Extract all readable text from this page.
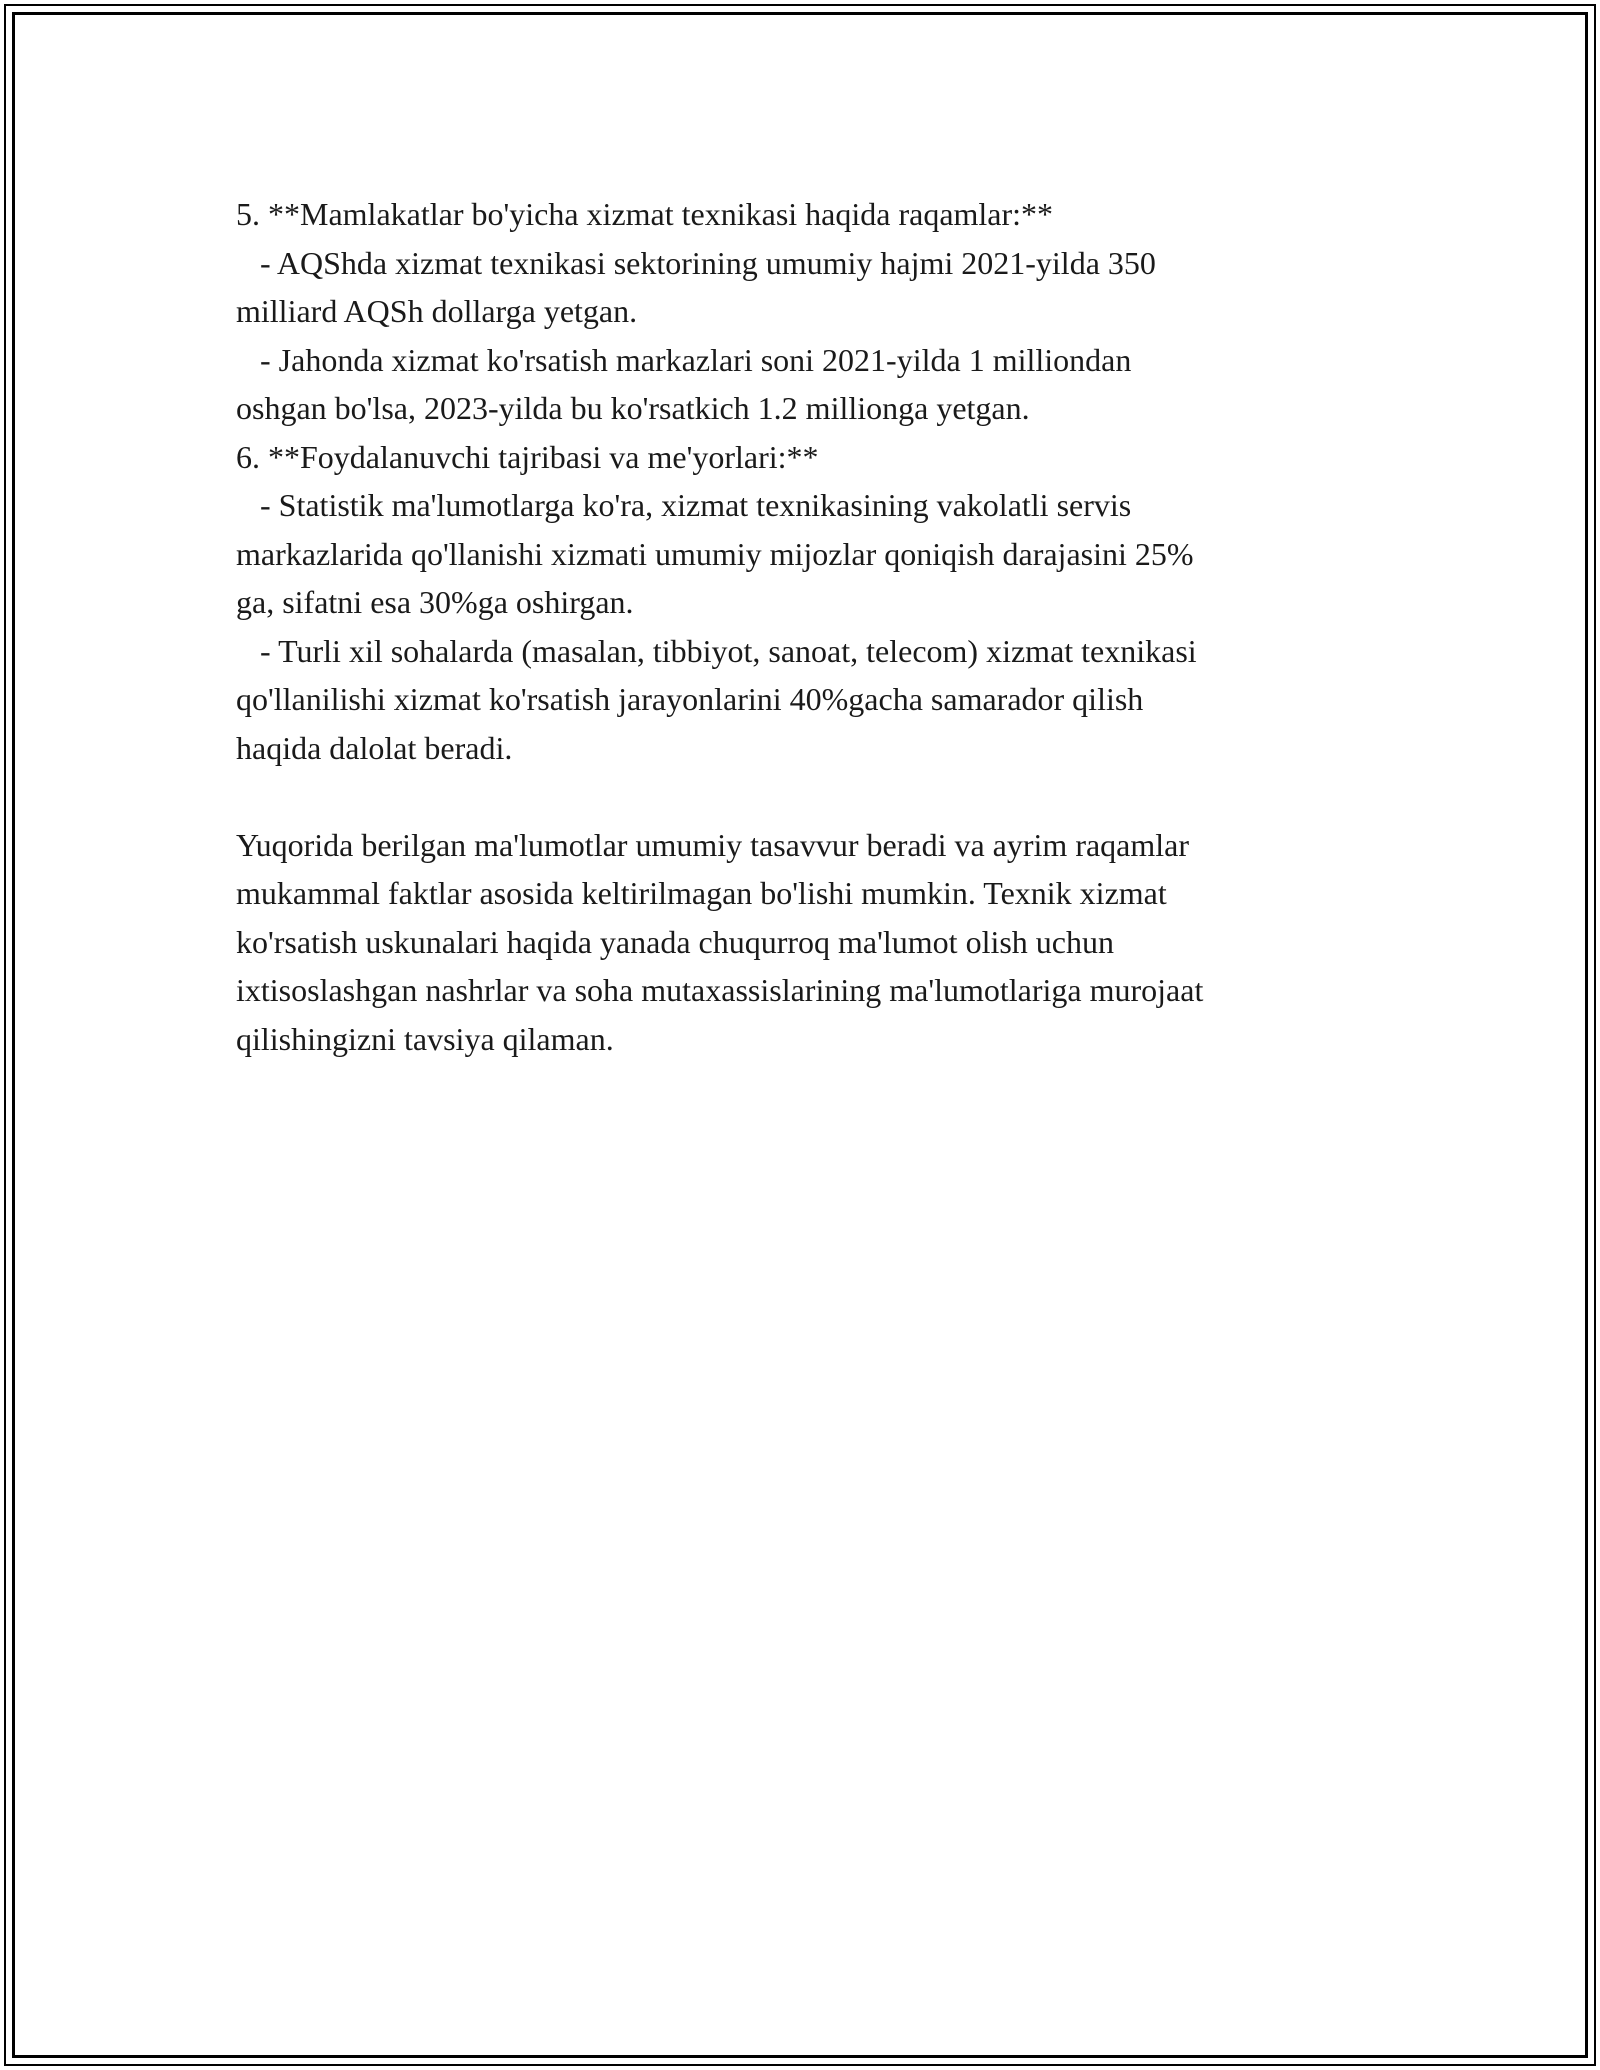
5. **Mamlakatlar bo'yicha xizmat texnikasi haqida raqamlar:**
- AQShda xizmat texnikasi sektorining umumiy hajmi 2021-yilda 350
milliard AQSh dollarga yetgan.
- Jahonda xizmat ko'rsatish markazlari soni 2021-yilda 1 milliondan
oshgan bo'lsa, 2023-yilda bu ko'rsatkich 1.2 millionga yetgan.
6. **Foydalanuvchi tajribasi va me'yorlari:**
- Statistik ma'lumotlarga ko'ra, xizmat texnikasining vakolatli servis
markazlarida qo'llanishi xizmati umumiy mijozlar qoniqish darajasini 25%
ga, sifatni esa 30%ga oshirgan.
- Turli xil sohalarda (masalan, tibbiyot, sanoat, telecom) xizmat texnikasi
qo'llanilishi xizmat ko'rsatish jarayonlarini 40%gacha samarador qilish
haqida dalolat beradi.
Yuqorida berilgan ma'lumotlar umumiy tasavvur beradi va ayrim raqamlar
mukammal faktlar asosida keltirilmagan bo'lishi mumkin. Texnik xizmat
ko'rsatish uskunalari haqida yanada chuqurroq ma'lumot olish uchun
ixtisoslashgan nashrlar va soha mutaxassislarining ma'lumotlariga murojaat
qilishingizni tavsiya qilaman.
